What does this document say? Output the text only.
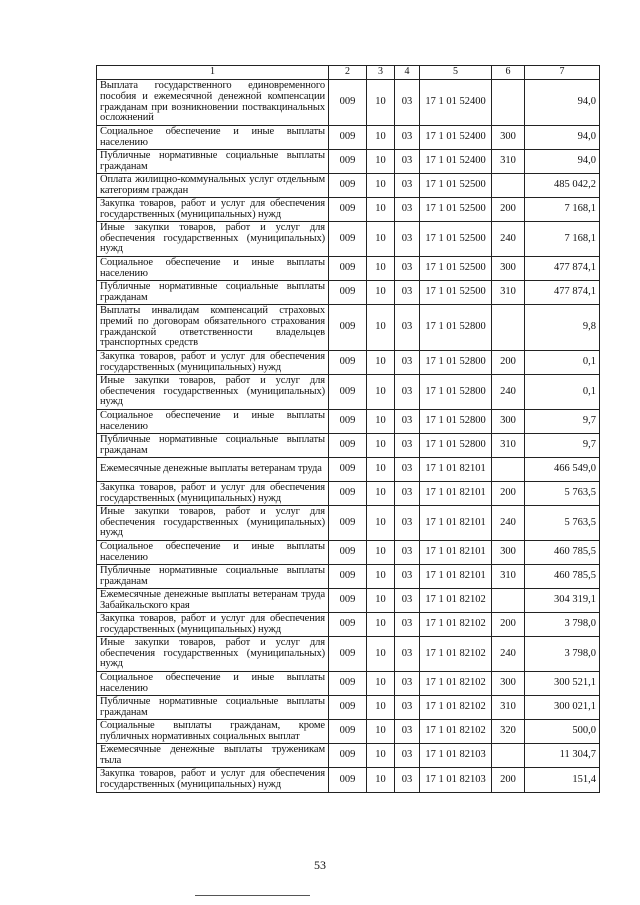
1	2	3	4	5	6	7
Выплата государственного единовременного пособия и ежемесячной денежной компенсации гражданам при возникновении поствакцинальных осложнений	009	10	03	17 1 01 52400		94,0
Социальное обеспечение и иные выплаты населению	009	10	03	17 1 01 52400	300	94,0
Публичные нормативные социальные выплаты гражданам	009	10	03	17 1 01 52400	310	94,0
Оплата жилищно-коммунальных услуг отдельным категориям граждан	009	10	03	17 1 01 52500		485 042,2
Закупка товаров, работ и услуг для обеспечения государственных (муниципальных) нужд	009	10	03	17 1 01 52500	200	7 168,1
Иные закупки товаров, работ и услуг для обеспечения государственных (муниципальных) нужд	009	10	03	17 1 01 52500	240	7 168,1
Социальное обеспечение и иные выплаты населению	009	10	03	17 1 01 52500	300	477 874,1
Публичные нормативные социальные выплаты гражданам	009	10	03	17 1 01 52500	310	477 874,1
Выплаты инвалидам компенсаций страховых премий по договорам обязательного страхования гражданской ответственности владельцев транспортных средств	009	10	03	17 1 01 52800		9,8
Закупка товаров, работ и услуг для обеспечения государственных (муниципальных) нужд	009	10	03	17 1 01 52800	200	0,1
Иные закупки товаров, работ и услуг для обеспечения государственных (муниципальных) нужд	009	10	03	17 1 01 52800	240	0,1
Социальное обеспечение и иные выплаты населению	009	10	03	17 1 01 52800	300	9,7
Публичные нормативные социальные выплаты гражданам	009	10	03	17 1 01 52800	310	9,7
Ежемесячные денежные выплаты ветеранам труда	009	10	03	17 1 01 82101		466 549,0
Закупка товаров, работ и услуг для обеспечения государственных (муниципальных) нужд	009	10	03	17 1 01 82101	200	5 763,5
Иные закупки товаров, работ и услуг для обеспечения государственных (муниципальных) нужд	009	10	03	17 1 01 82101	240	5 763,5
Социальное обеспечение и иные выплаты населению	009	10	03	17 1 01 82101	300	460 785,5
Публичные нормативные социальные выплаты гражданам	009	10	03	17 1 01 82101	310	460 785,5
Ежемесячные денежные выплаты ветеранам труда Забайкальского края	009	10	03	17 1 01 82102		304 319,1
Закупка товаров, работ и услуг для обеспечения государственных (муниципальных) нужд	009	10	03	17 1 01 82102	200	3 798,0
Иные закупки товаров, работ и услуг для обеспечения государственных (муниципальных) нужд	009	10	03	17 1 01 82102	240	3 798,0
Социальное обеспечение и иные выплаты населению	009	10	03	17 1 01 82102	300	300 521,1
Публичные нормативные социальные выплаты гражданам	009	10	03	17 1 01 82102	310	300 021,1
Социальные выплаты гражданам, кроме публичных нормативных социальных выплат	009	10	03	17 1 01 82102	320	500,0
Ежемесячные денежные выплаты труженикам тыла	009	10	03	17 1 01 82103		11 304,7
Закупка товаров, работ и услуг для обеспечения государственных (муниципальных) нужд	009	10	03	17 1 01 82103	200	151,4
53
